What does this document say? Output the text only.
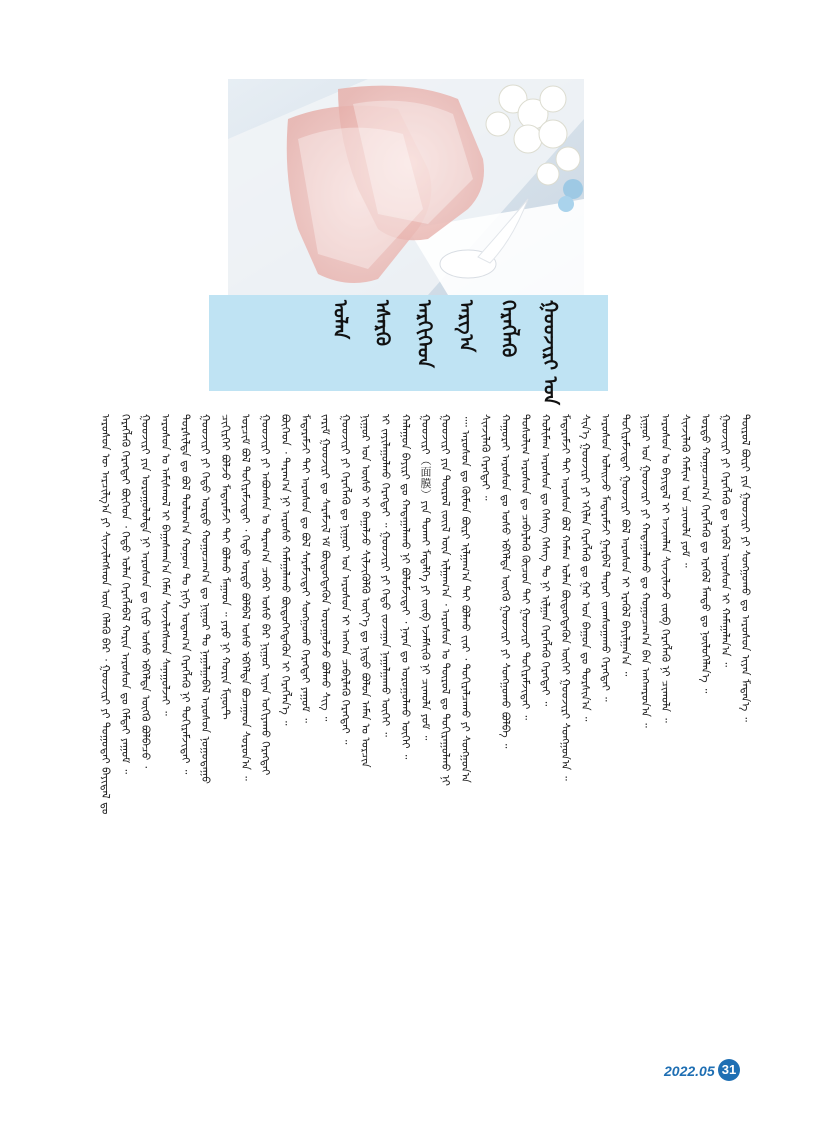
ᠭᠤᠤᠵᠢᠷᠢ ᠤᠨ
ᠬᠡᠷᠡᠭᠯᠡᠬᠦ
ᠠᠷᠭ᠎ᠠ
ᠠᠷᠬᠢᠬᠡᠳ
ᠡᠰᠡᠷᠭᠦ
ᠤᠯᠠᠨ
ᠠᠷᠤᠰᠤᠨ ᠦ ᠠᠷᠴᠢᠯᠭ᠎ᠠ ᠶᠢ ᠰᠢᠨᠵᠢᠯᠡᠭᠰᠡᠳ ᠦᠨ ᠬᠡᠯᠡᠬᠦ ᠪᠡᠷ ᠂ ᠭᠤᠤᠵᠢᠷᠢ ᠶᠢ ᠲᠤᠭᠤᠳᠠᠢ ᠪᠠᠶᠢᠳᠠᠯ ᠳᠤ ᠬᠡᠷᠡᠭᠯᠡᠬᠦ ᠬᠡᠷᠡᠭᠲᠡᠢ ᠪᠥᠭᠡᠳ ᠂ ᠬᠡᠲᠦ ᠣᠯᠠᠨ ᠬᠡᠷᠡᠭᠯᠡᠪᠡᠯ ᠬᠠᠷᠢᠨ ᠠᠷᠤᠰᠤᠨ ᠳᠤ ᠭᠡᠮᠲᠡᠢ ᠶᠠᠭᠤᠮ ᠃ ᠭᠤᠤᠵᠢᠷᠢ ᠶᠢᠨ ᠣᠷᠤᠭᠤᠯᠤᠯᠲᠠ ᠨᠢ ᠠᠷᠤᠰᠤᠨ ᠳᠤ ᠬᠢᠷᠤ ᠤᠰᠤ ᠡᠪᠬᠡᠯᠲᠡ ᠥᠭᠬᠦ ᠪᠣᠯᠪᠠᠴᠤ ᠂ ᠠᠷᠤᠰᠤᠨ ᠤ ᠠᠮᠢᠰᠭᠤᠯ ᠢ ᠪᠠᠭᠠᠰᠬᠠᠨ᠎ᠠ ᠬᠡᠮᠡᠨ ᠰᠢᠨᠵᠢᠯᠡᠭᠰᠡᠳ ᠰᠠᠨᠠᠭᠤᠯᠵᠠᠢ ᠃ ᠲᠤᠷᠰᠢᠯᠲᠠ ᠳᠤ ᠪᠣᠯ ᠳᠣᠯᠣᠭ᠎ᠠ ᠬᠣᠨᠤᠭ ᠲᠤ ᠨᠢᠭᠡ ᠤᠳᠠᠭ᠎ᠠ ᠬᠡᠷᠡᠭᠯᠡᠬᠦ ᠨᠢ ᠲᠣᠬᠢᠷᠠᠮᠵᠢᠲᠠᠢ ᠃ ᠭᠤᠤᠵᠢᠷᠢ ᠶᠢ ᠬᠡᠲᠦ ᠤᠷᠲᠤ ᠬᠤᠭᠤᠴᠠᠭ᠎ᠠ ᠳᠤ ᠨᠢᠭᠤᠷ ᠲᠤ ᠨᠠᠭᠠᠯᠭᠠᠪᠠᠯ ᠠᠷᠤᠰᠤᠨ ᠨᠣᠭᠤᠳᠠᠭᠤ ᠴᠢᠬᠢᠷᠬᠡᠢ ᠪᠣᠯᠵᠤ ᠮᠡᠳᠡᠷᠡᠮᠵᠢ ᠲᠠᠢ ᠪᠣᠯᠬᠤ ᠮᠠᠭᠠᠳ ᠃ ᠶᠡᠷᠦ ᠨᠢ ᠬᠣᠷᠢᠨ ᠮᠢᠨᠦ᠋ᠲ ᠣᠷᠴᠢᠮ ᠪᠣᠯ ᠲᠣᠬᠢᠷᠠᠮᠵᠢᠲᠠᠢ ᠂ ᠬᠡᠲᠦ ᠤᠷᠲᠤ ᠪᠣᠯᠪᠠᠯ ᠤᠰᠤ ᠡᠪᠬᠡᠯᠲᠡ ᠪᠤᠴᠠᠭᠠᠳ ᠰᠤᠷᠤᠨ᠎ᠠ ᠃ ᠭᠤᠤᠵᠢᠷᠢ ᠶᠢ ᠠᠪᠤᠭᠰᠠᠨ ᠤ ᠳᠠᠷᠠᠭ᠎ᠠ ᠴᠡᠪᠡᠷ ᠤᠰᠤ ᠪᠠᠷ ᠨᠢᠭᠤᠷ ᠢᠶᠡᠨ ᠤᠭᠢᠶᠠᠬᠤ ᠬᠡᠷᠡᠭᠲᠡᠢ ᠪᠥᠭᠡᠳ ᠂ ᠳᠠᠷᠠᠭ᠎ᠠ ᠨᠢ ᠠᠷᠤᠰᠤ ᠬᠠᠮᠠᠭᠠᠯᠠᠬᠤ ᠪᠦᠲᠦᠭᠡᠭᠳᠡᠬᠦᠨ ᠢ ᠬᠡᠷᠡᠭᠯᠡᠨ᠎ᠡ ᠃ ᠮᠡᠳᠡᠷᠡᠮᠵᠢ ᠲᠠᠢ ᠠᠷᠤᠰᠤᠨ ᠳᠤ ᠪᠣᠯ ᠰᠡᠷᠡᠮᠵᠢᠲᠡᠢ ᠰᠣᠩᠭᠣᠬᠤ ᠬᠡᠷᠡᠭᠲᠡᠢ ᠶᠠᠭᠤᠮ ᠃ ᠵᠠᠷᠢᠮ ᠭᠤᠤᠵᠢᠷᠢ ᠳᠤ ᠰᠠᠷᠠᠮᠵᠢᠯ ᠡᠮ ᠪᠦᠲᠦᠭᠳᠡᠬᠦᠨ ᠣᠷᠣᠭᠤᠯᠵᠤ ᠪᠣᠯᠬᠤ ᠰᠢᠭ ᠃ ᠭᠤᠤᠵᠢᠷᠢ ᠶᠢ ᠬᠡᠷᠡᠭᠯᠡᠬᠦ ᠳᠤ ᠨᠢᠭᠤᠷ ᠤᠨ ᠠᠷᠤᠰᠤᠨ ᠢ ᠠᠩᠬᠠ ᠴᠡᠪᠡᠷᠯᠡᠬᠦ ᠬᠡᠷᠡᠭᠲᠡᠢ ᠃ ᠨᠢᠭᠤᠷ ᠤᠨ ᠦᠰᠦ ᠢ ᠪᠠᠭᠠᠯᠵᠤ ᠰᠢᠯᠵᠢᠭᠦᠯᠬᠦ ᠦᠶ᠎ᠡ ᠳᠤ ᠨᠢᠳᠦ ᠪᠣᠯᠤᠨ ᠠᠮᠠᠨ ᠤ ᠣᠷᠴᠢᠨ ᠢ ᠵᠠᠶᠢᠯᠠᠭᠤᠯᠬᠤ ᠬᠡᠷᠡᠭᠲᠡᠢ ᠃ ᠭᠤᠤᠵᠢᠷᠢ ᠶᠢ ᠬᠡᠲᠦ ᠵᠤᠵᠠᠭᠠᠨ ᠨᠠᠭᠠᠯᠭᠠᠬᠤ ᠦᠭᠡᠢ ᠃ ᠬᠠᠯᠠᠭᠤᠨ ᠪᠠᠶᠢᠷᠢ ᠳᠤ ᠬᠠᠳᠠᠭᠠᠯᠠᠬᠤ ᠨᠢ ᠪᠣᠯᠤᠮᠵᠢᠲᠠᠢ ᠂ ᠨᠠᠷᠠᠨ ᠳᠤ ᠣᠷᠤᠭᠤᠯᠬᠤ ᠦᠭᠡᠢ ᠃ ᠭᠤᠤᠵᠢᠷᠢ（面膜）ᠶᠢᠨ ᠲᠤᠬᠠᠢ ᠮᠡᠳᠡᠯᠭᠡ ᠶᠢ ᠵᠥᠪ ᠡᠵᠡᠮᠰᠢᠬᠦ ᠨᠢ ᠴᠢᠬᠤᠯᠠ ᠶᠤᠮ ᠃ ᠭᠤᠤᠵᠢᠷᠢ ᠶᠢᠨ ᠲᠥᠷᠥᠯ ᠵᠦᠢᠯ ᠦᠨ ᠢᠯᠭᠠᠭ᠎ᠠ ᠂ ᠠᠷᠤᠰᠤᠨ ᠤ ᠲᠥᠷᠥᠯ ᠳᠤ ᠲᠣᠬᠢᠷᠠᠭᠤᠯᠬᠤ ᠨᠢ ᠁ ᠠᠷᠤᠰᠤᠨ ᠳᠤ ᠬᠥᠮᠥᠨ ᠪᠦᠷᠢ ᠢᠯᠭᠠᠭ᠎ᠠ ᠲᠠᠢ ᠪᠣᠯᠬᠤ ᠢ᠋ᠶ᠋ᠠᠷ ᠂ ᠲᠣᠬᠢᠷᠠᠯᠴᠠᠬᠤ ᠶᠢ ᠰᠣᠩᠭᠣᠨ᠎ᠠ ᠰᠢᠨᠵᠢᠯᠡᠬᠦ ᠬᠡᠷᠡᠭᠲᠡᠢ ᠃ ᠬᠠᠭᠤᠷᠠᠢ ᠠᠷᠤᠰᠤᠨ ᠳᠤ ᠤᠰᠤ ᠡᠪᠬᠡᠯᠲᠡ ᠥᠭᠬᠦ ᠭᠤᠤᠵᠢᠷᠢ ᠶᠢ ᠰᠣᠩᠭᠣᠬᠤ ᠪᠣᠯᠪᠠ ᠃ ᠲᠣᠰᠤᠯᠢᠭ ᠠᠷᠤᠰᠤᠨ ᠳᠤ ᠴᠡᠪᠡᠷᠯᠡᠬᠦ ᠬᠦᠴᠦᠨ ᠲᠡᠢ ᠭᠤᠤᠵᠢᠷᠢ ᠲᠣᠬᠢᠷᠠᠮᠵᠢᠲᠠᠢ ᠃ ᠬᠣᠯᠢᠮᠠᠭ ᠠᠷᠤᠰᠤᠨ ᠳᠤ ᠬᠡᠰᠡᠭ ᠬᠡᠰᠡᠭ ᠲᠤ ᠨᠢ ᠢᠯᠭᠠᠨ ᠬᠡᠷᠡᠭᠯᠡᠬᠦ ᠬᠡᠷᠡᠭᠲᠡᠢ ᠃ ᠮᠡᠳᠡᠷᠡᠮᠵᠢ ᠲᠠᠢ ᠠᠷᠤᠰᠤᠨ ᠪᠣᠯ ᠬᠠᠮᠠᠭ ᠣᠯᠠᠨ ᠪᠦᠲᠦᠭᠳᠡᠬᠦᠨ ᠦᠭᠡᠢ ᠭᠤᠤᠵᠢᠷᠢ ᠰᠣᠩᠭᠣᠨ᠎ᠠ ᠃ ᠰᠢᠨ᠎ᠡ ᠭᠤᠤᠵᠢᠷᠢ ᠶᠢ ᠡᠬᠢᠯᠡᠨ ᠬᠡᠷᠡᠭᠯᠡᠬᠦ ᠳᠤ ᠭᠠᠷ ᠤᠨ ᠪᠠᠭᠤᠨ ᠳᠤ ᠲᠤᠷᠰᠢᠨ᠎ᠠ ᠃ ᠠᠷᠤᠰᠤᠨ ᠤᠯᠠᠢᠵᠤ ᠮᠡᠳᠡᠷᠡᠮᠵᠢ ᠭᠠᠷᠪᠠᠯ ᠳᠠᠷᠤᠢ ᠵᠣᠭᠰᠣᠭᠠᠬᠤ ᠬᠡᠷᠡᠭᠲᠡᠢ ᠃ ᠲᠣᠬᠢᠷᠠᠮᠵᠢᠲᠠᠢ ᠭᠤᠤᠵᠢᠷᠢ ᠪᠣᠯ ᠠᠷᠤᠰᠤᠨ ᠢ ᠡᠷᠡᠭᠦᠯ ᠪᠠᠶᠢᠯᠭᠠᠨ᠎ᠠ ᠃ ᠨᠢᠭᠤᠷ ᠤᠨ ᠭᠤᠤᠵᠢᠷᠢ ᠶᠢ ᠬᠠᠳᠠᠭᠠᠯᠠᠬᠤ ᠳᠤ ᠬᠤᠭᠤᠴᠠᠭ᠎ᠠ ᠪᠠᠨ ᠠᠩᠬᠠᠷᠤᠨ᠎ᠠ ᠃ ᠠᠷᠤᠰᠤᠨ ᠤ ᠪᠠᠶᠢᠳᠠᠯ ᠢ ᠠᠵᠢᠭᠯᠠᠨ ᠰᠢᠨᠵᠢᠯᠡᠵᠦ ᠵᠥᠪ ᠬᠡᠷᠡᠭᠯᠡᠬᠦ ᠨᠢ ᠴᠢᠬᠤᠯᠠ ᠃ ᠰᠢᠨᠵᠢᠯᠡᠬᠦ ᠬᠠᠮᠢᠭ ᠤᠨ ᠴᠢᠬᠤᠯᠠ ᠶᠤᠮ ᠃ ᠤᠷᠲᠤ ᠬᠤᠭᠤᠴᠠᠭ᠎ᠠ ᠬᠡᠷᠡᠭᠯᠡᠬᠦ ᠳᠤ ᠡᠷᠡᠭᠦᠯ ᠮᠡᠨᠳᠦ ᠳᠤ ᠨᠥᠯᠦᠭᠡᠯᠡᠨ᠎ᠡ ᠃ ᠭᠤᠤᠵᠢᠷᠢ ᠶᠢ ᠬᠡᠷᠡᠭᠯᠡᠬᠦ ᠳᠤ ᠡᠷᠡᠭᠦᠯ ᠠᠷᠤᠰᠤᠨ ᠢ ᠬᠠᠮᠠᠭᠠᠯᠠᠨ᠎ᠠ ᠃ ᠲᠥᠷᠥᠯ ᠪᠦᠷᠢ ᠶᠢᠨ ᠭᠤᠤᠵᠢᠷᠢ ᠶᠢ ᠰᠣᠩᠭᠣᠬᠤ ᠳᠤ ᠠᠷᠤᠰᠤᠨ ᠢᠶᠡᠨ ᠮᠡᠳᠡᠨ᠎ᠡ ᠃
2022.05 31
